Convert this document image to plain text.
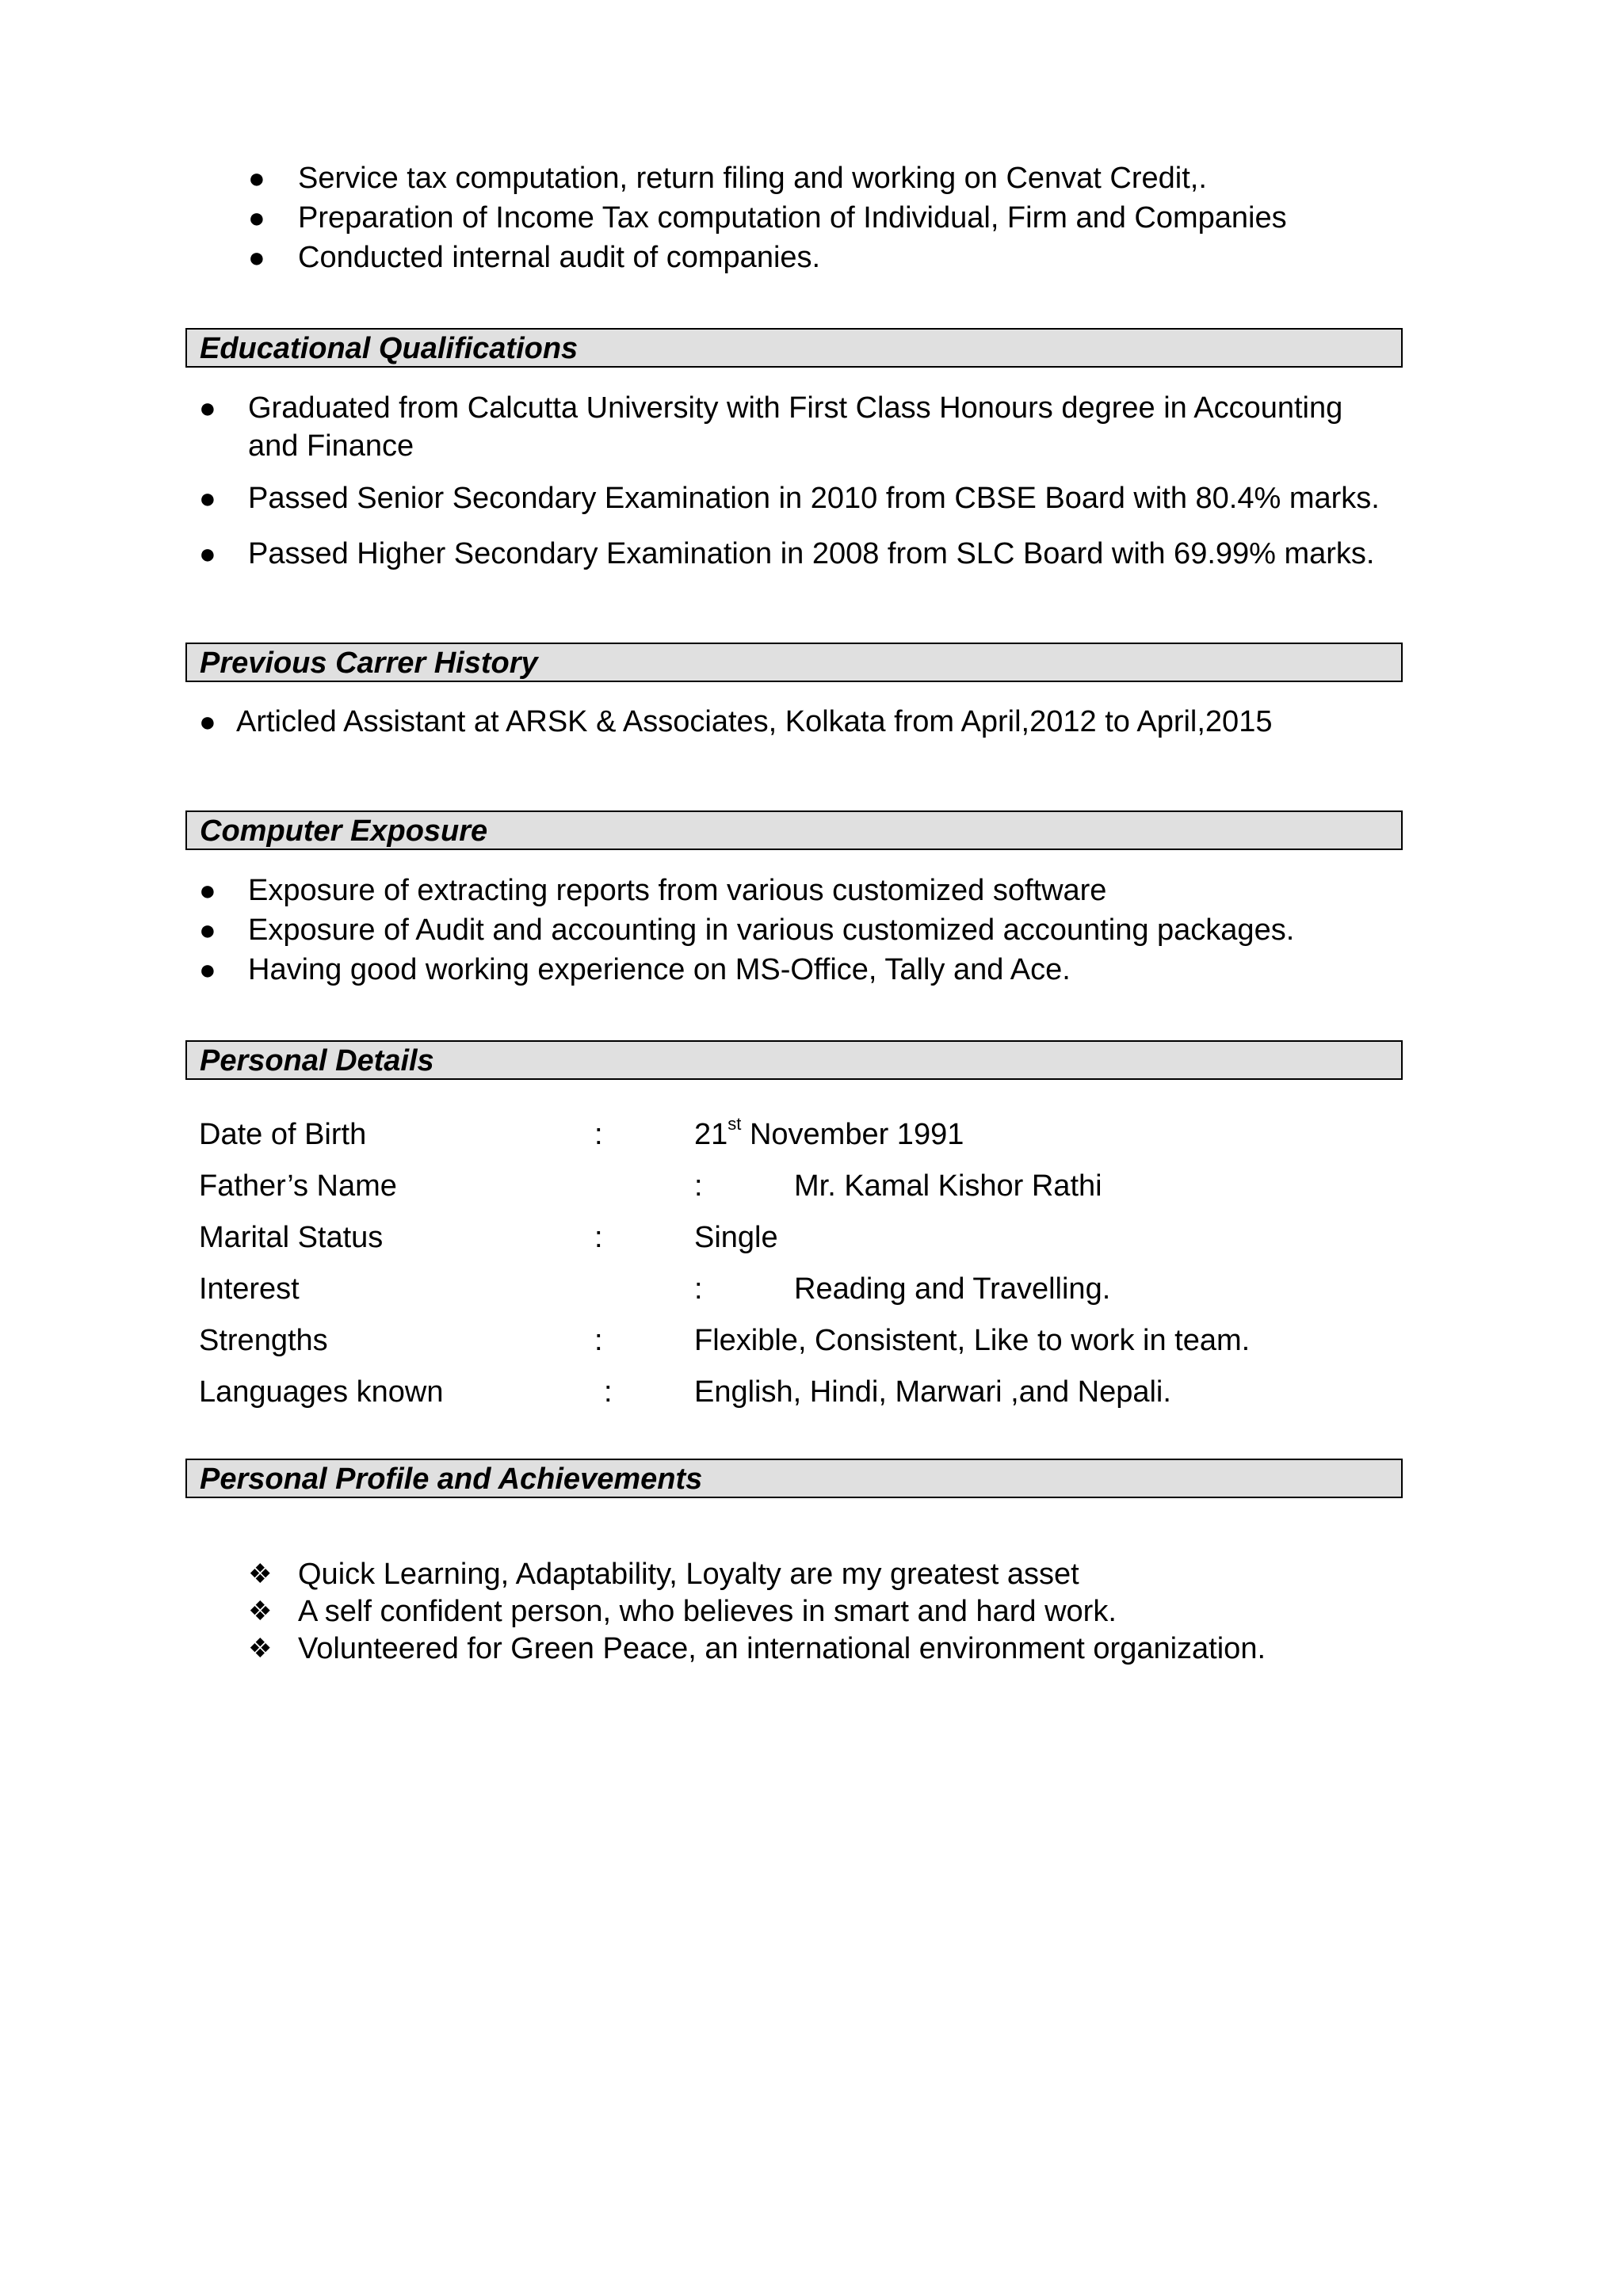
● Service tax computation, return filing and working on Cenvat Credit,.
● Preparation of Income Tax computation of Individual, Firm and Companies
● Conducted internal audit of companies.
Educational Qualifications
● Graduated from Calcutta University with First Class Honours degree in Accounting
and Finance
● Passed Senior Secondary Examination in 2010 from CBSE Board with 80.4% marks.
● Passed Higher Secondary Examination in 2008 from SLC Board with 69.99% marks.
Previous Carrer History
● Articled Assistant at ARSK & Associates, Kolkata from April,2012 to April,2015
Computer Exposure
● Exposure of extracting reports from various customized software
● Exposure of Audit and accounting in various customized accounting packages.
● Having good working experience on MS-Office, Tally and Ace.
Personal Details
Date of Birth	:	21st November 1991
Father’s Name	:	Mr. Kamal Kishor Rathi
Marital Status	:	Single
Interest	:	Reading and Travelling.
Strengths	:	Flexible, Consistent, Like to work in team.
Languages known	:	English, Hindi, Marwari ,and Nepali.
Personal Profile and Achievements
❖ Quick Learning, Adaptability, Loyalty are my greatest asset
❖ A self confident person, who believes in smart and hard work.
❖ Volunteered for Green Peace, an international environment organization.
